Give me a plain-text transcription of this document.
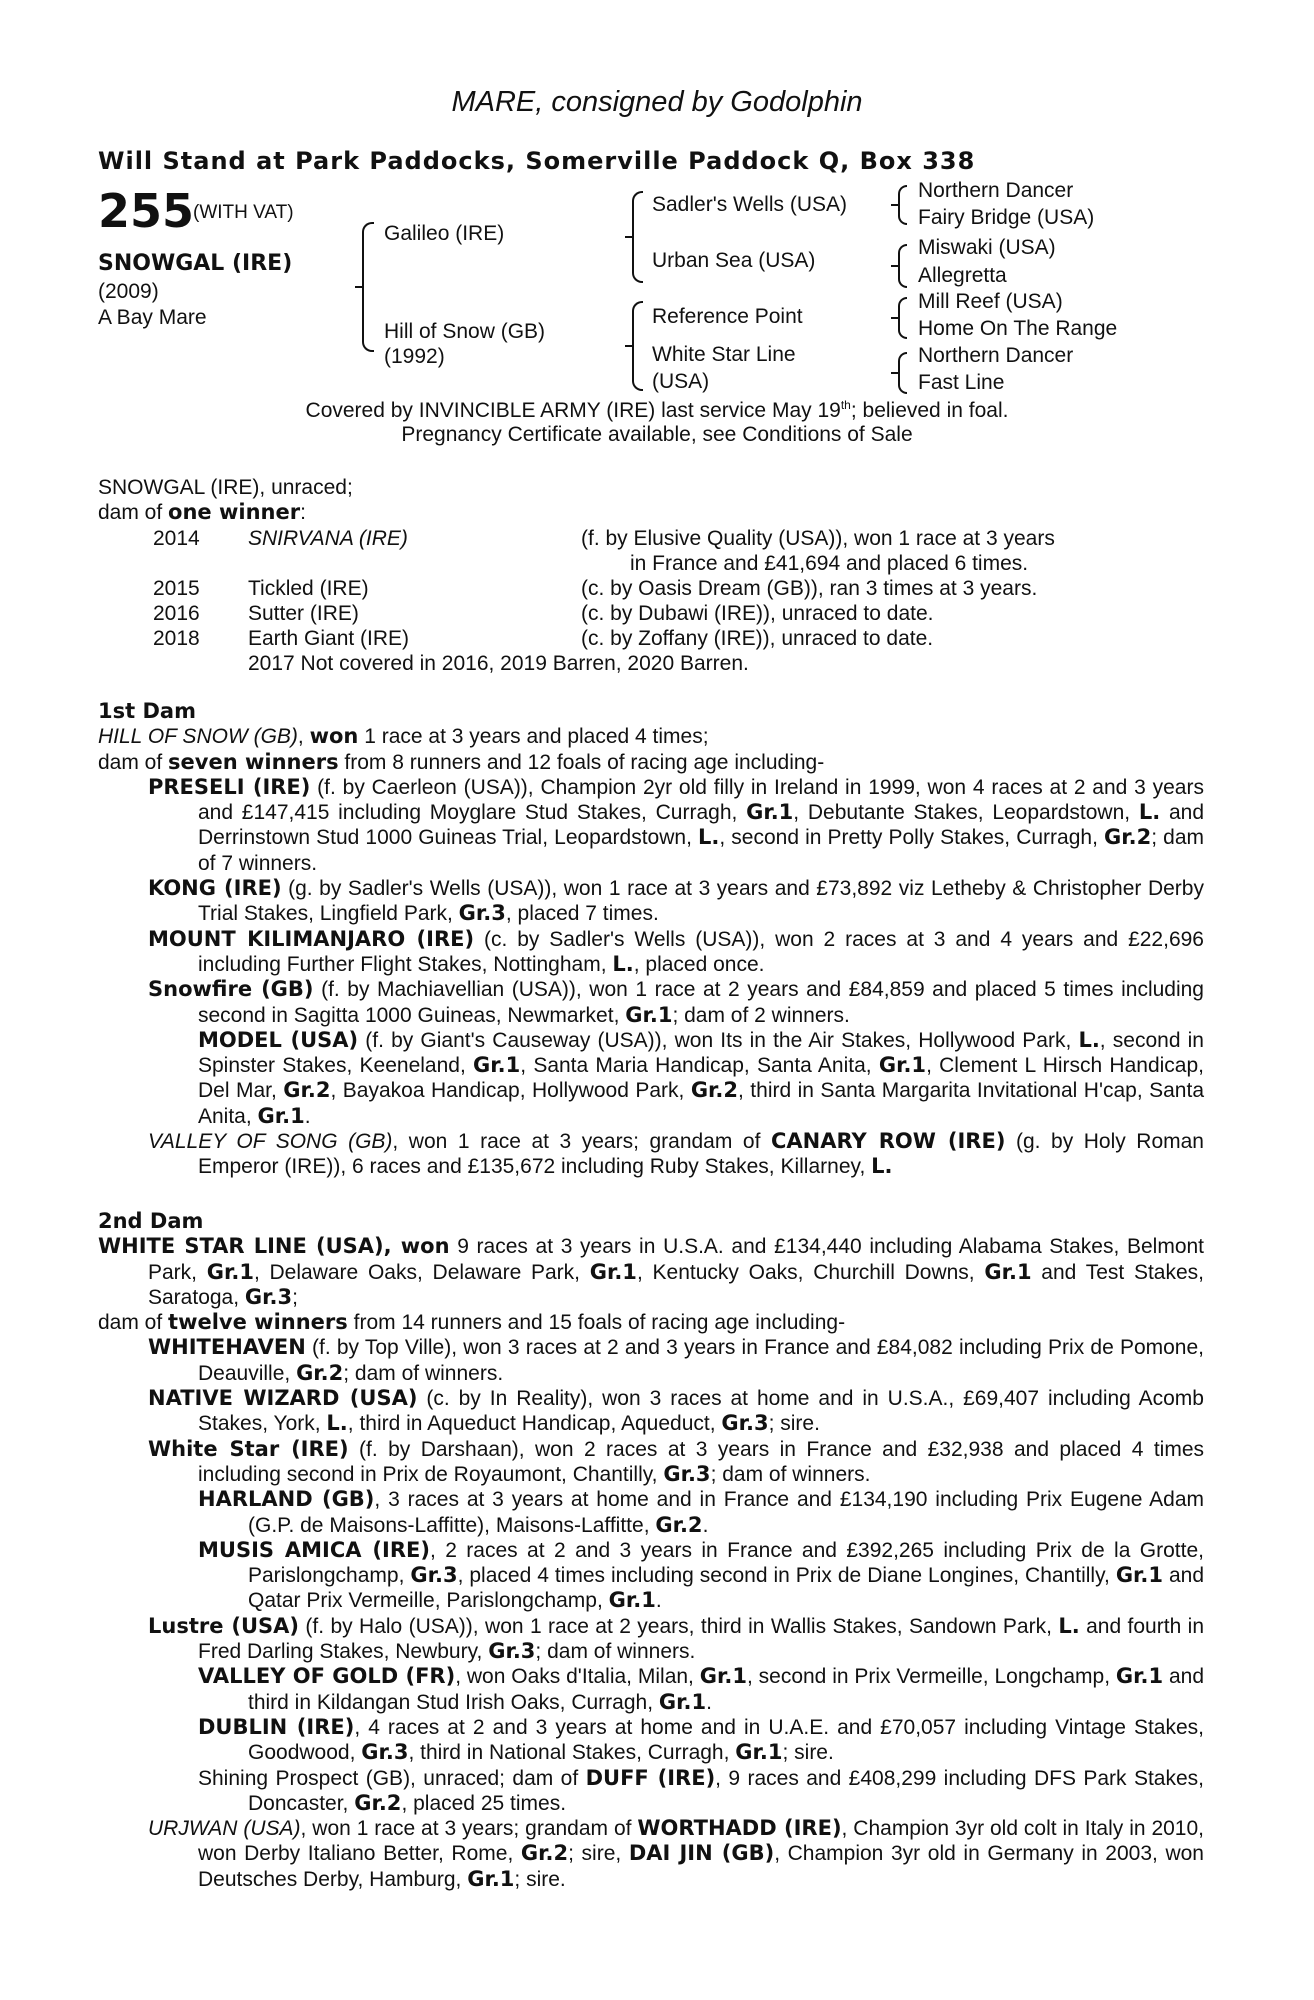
MARE, consigned by Godolphin
Will Stand at Park Paddocks, Somerville Paddock Q, Box 338
255
(WITH VAT)
SNOWGAL (IRE)
(2009)
A Bay Mare
Galileo (IRE)
Hill of Snow (GB)
(1992)
Sadler's Wells (USA)
Urban Sea (USA)
Reference Point
White Star Line
(USA)
Northern Dancer
Fairy Bridge (USA)
Miswaki (USA)
Allegretta
Mill Reef (USA)
Home On The Range
Northern Dancer
Fast Line
Covered by INVINCIBLE ARMY (IRE) last service May 19th; believed in foal.
Pregnancy Certificate available, see Conditions of Sale
SNOWGAL (IRE), unraced;
dam of one winner:
2014 SNIRVANA (IRE)	(f. by Elusive Quality (USA)), won 1 race at 3 years
in France and £41,694 and placed 6 times.
2015 Tickled (IRE)	(c. by Oasis Dream (GB)), ran 3 times at 3 years.
2016 Sutter (IRE)	(c. by Dubawi (IRE)), unraced to date.
2018 Earth Giant (IRE)	(c. by Zoffany (IRE)), unraced to date.
2017 Not covered in 2016, 2019 Barren, 2020 Barren.

1st Dam

HILL OF SNOW (GB), won 1 race at 3 years and placed 4 times;

dam of seven winners from 8 runners and 12 foals of racing age including-

PRESELI (IRE) (f. by Caerleon (USA)), Champion 2yr old filly in Ireland in 1999, won 4 races at 2 and 3 years and £147,415 including Moyglare Stud Stakes, Curragh, Gr.1, Debutante Stakes, Leopardstown, L. and Derrinstown Stud 1000 Guineas Trial, Leopardstown, L., second in Pretty Polly Stakes, Curragh, Gr.2; dam of 7 winners.

KONG (IRE) (g. by Sadler's Wells (USA)), won 1 race at 3 years and £73,892 viz Letheby & Christopher Derby Trial Stakes, Lingfield Park, Gr.3, placed 7 times.

MOUNT KILIMANJARO (IRE) (c. by Sadler's Wells (USA)), won 2 races at 3 and 4 years and £22,696 including Further Flight Stakes, Nottingham, L., placed once.

Snowfire (GB) (f. by Machiavellian (USA)), won 1 race at 2 years and £84,859 and placed 5 times including second in Sagitta 1000 Guineas, Newmarket, Gr.1; dam of 2 winners.

MODEL (USA) (f. by Giant's Causeway (USA)), won Its in the Air Stakes, Hollywood Park, L., second in Spinster Stakes, Keeneland, Gr.1, Santa Maria Handicap, Santa Anita, Gr.1, Clement L Hirsch Handicap, Del Mar, Gr.2, Bayakoa Handicap, Hollywood Park, Gr.2, third in Santa Margarita Invitational H'cap, Santa Anita, Gr.1.

VALLEY OF SONG (GB), won 1 race at 3 years; grandam of CANARY ROW (IRE) (g. by Holy Roman Emperor (IRE)), 6 races and £135,672 including Ruby Stakes, Killarney, L.

2nd Dam

WHITE STAR LINE (USA), won 9 races at 3 years in U.S.A. and £134,440 including Alabama Stakes, Belmont Park, Gr.1, Delaware Oaks, Delaware Park, Gr.1, Kentucky Oaks, Churchill Downs, Gr.1 and Test Stakes, Saratoga, Gr.3;

dam of twelve winners from 14 runners and 15 foals of racing age including-

WHITEHAVEN (f. by Top Ville), won 3 races at 2 and 3 years in France and £84,082 including Prix de Pomone, Deauville, Gr.2; dam of winners.

NATIVE WIZARD (USA) (c. by In Reality), won 3 races at home and in U.S.A., £69,407 including Acomb Stakes, York, L., third in Aqueduct Handicap, Aqueduct, Gr.3; sire.

White Star (IRE) (f. by Darshaan), won 2 races at 3 years in France and £32,938 and placed 4 times including second in Prix de Royaumont, Chantilly, Gr.3; dam of winners.

HARLAND (GB), 3 races at 3 years at home and in France and £134,190 including Prix Eugene Adam (G.P. de Maisons-Laffitte), Maisons-Laffitte, Gr.2.

MUSIS AMICA (IRE), 2 races at 2 and 3 years in France and £392,265 including Prix de la Grotte, Parislongchamp, Gr.3, placed 4 times including second in Prix de Diane Longines, Chantilly, Gr.1 and Qatar Prix Vermeille, Parislongchamp, Gr.1.

Lustre (USA) (f. by Halo (USA)), won 1 race at 2 years, third in Wallis Stakes, Sandown Park, L. and fourth in Fred Darling Stakes, Newbury, Gr.3; dam of winners.

VALLEY OF GOLD (FR), won Oaks d'Italia, Milan, Gr.1, second in Prix Vermeille, Longchamp, Gr.1 and third in Kildangan Stud Irish Oaks, Curragh, Gr.1.

DUBLIN (IRE), 4 races at 2 and 3 years at home and in U.A.E. and £70,057 including Vintage Stakes, Goodwood, Gr.3, third in National Stakes, Curragh, Gr.1; sire.

Shining Prospect (GB), unraced; dam of DUFF (IRE), 9 races and £408,299 including DFS Park Stakes, Doncaster, Gr.2, placed 25 times.

URJWAN (USA), won 1 race at 3 years; grandam of WORTHADD (IRE), Champion 3yr old colt in Italy in 2010, won Derby Italiano Better, Rome, Gr.2; sire, DAI JIN (GB), Champion 3yr old in Germany in 2003, won Deutsches Derby, Hamburg, Gr.1; sire.
